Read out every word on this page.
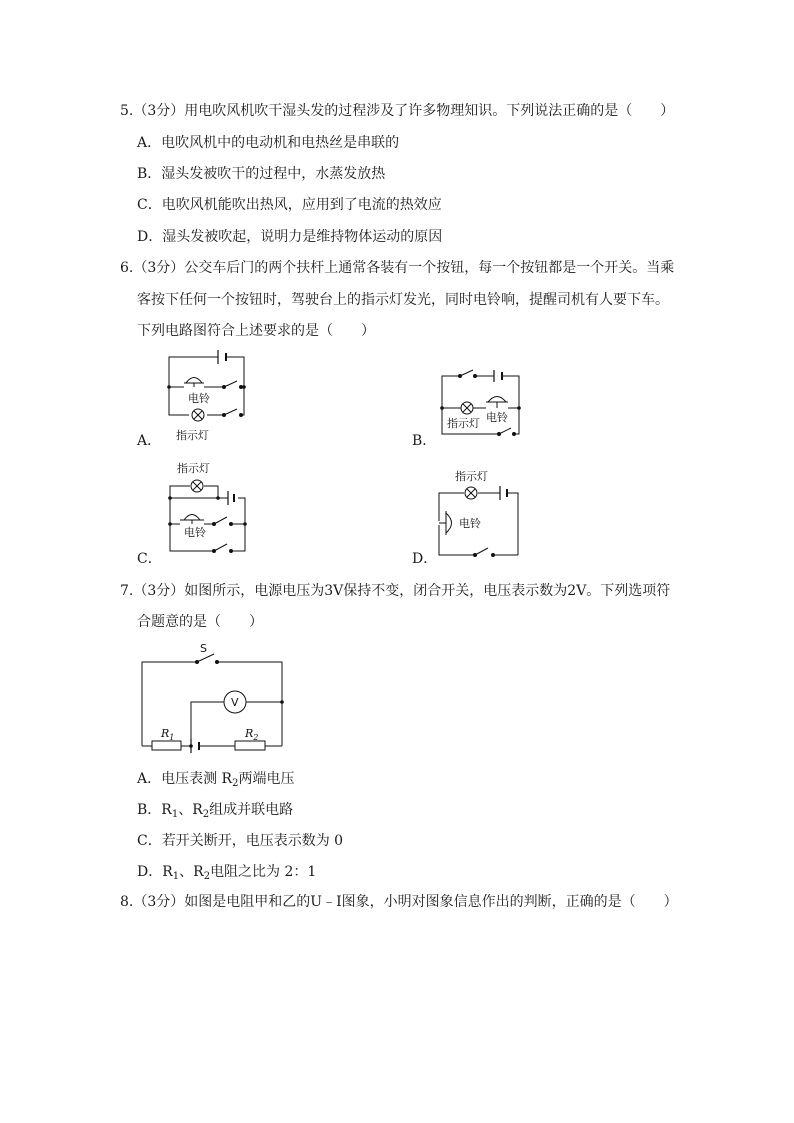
5.（3分）用电吹风机吹干湿头发的过程涉及了许多物理知识。下列说法正确的是（　　）
A．电吹风机中的电动机和电热丝是串联的
B．湿头发被吹干的过程中，水蒸发放热
C．电吹风机能吹出热风，应用到了电流的热效应
D．湿头发被吹起，说明力是维持物体运动的原因
6.（3分）公交车后门的两个扶杆上通常各装有一个按钮，每一个按钮都是一个开关。当乘
客按下任何一个按钮时，驾驶台上的指示灯发光，同时电铃响，提醒司机有人要下车。
下列电路图符合上述要求的是（　　）
电铃
指示灯
A．
指示灯 电铃
B．
指示灯
电铃
C．
指示灯
电铃
D．
7.（3分）如图所示，电源电压为3V保持不变，闭合开关，电压表示数为2V。下列选项符
合题意的是（　　）
S
V
$R_1$	$R_2$
A．电压表测 $R_2$两端电压
B．$R_1$、$R_2$组成并联电路
C．若开关断开，电压表示数为 0
D．$R_1$、$R_2$电阻之比为 2：1
8.（3分）如图是电阻甲和乙的U﹣I图象，小明对图象信息作出的判断，正确的是（　　）
